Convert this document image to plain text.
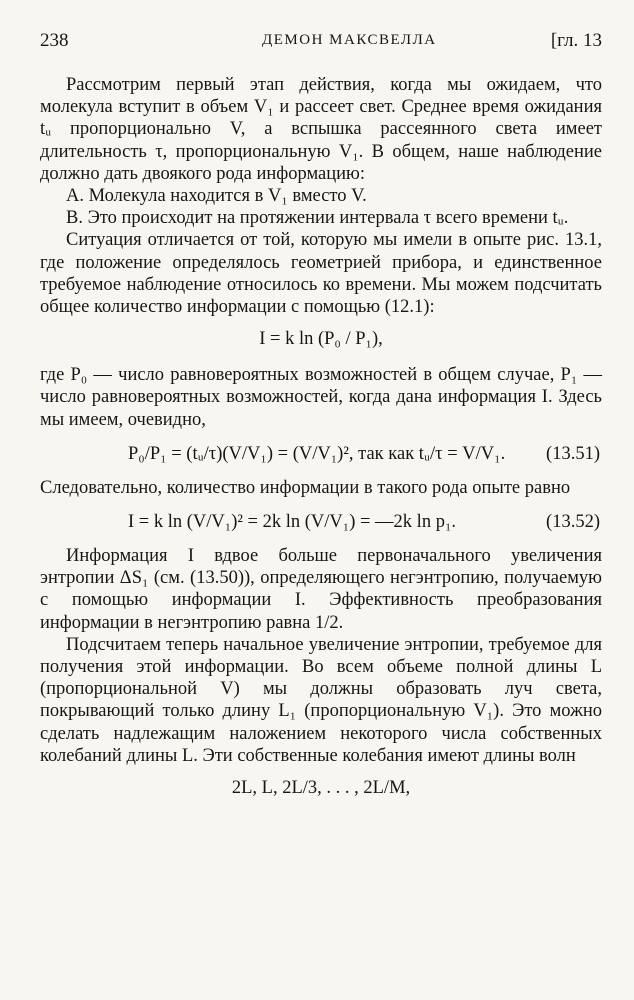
238	ДЕМОН МАКСВЕЛЛА	[гл. 13

Рассмотрим первый этап действия, когда мы ожидаем, что молекула вступит в объем V₁ и рассеет свет. Среднее время ожидания tᵤ пропорционально V, а вспышка рассеянного света имеет длительность τ, пропорциональную V₁. В общем, наше наблюдение должно дать двоякого рода информацию:

A. Молекула находится в V₁ вместо V.

B. Это происходит на протяжении интервала τ всего времени tᵤ.

Ситуация отличается от той, которую мы имели в опыте рис. 13.1, где положение определялось геометрией прибора, и единственное требуемое наблюдение относилось ко времени. Мы можем подсчитать общее количество информации с помощью (12.1):

I = k ln (P₀ / P₁),

где P₀ — число равновероятных возможностей в общем случае, P₁ — число равновероятных возможностей, когда дана информация I. Здесь мы имеем, очевидно,

P₀/P₁ = (tᵤ/τ)(V/V₁) = (V/V₁)², так как tᵤ/τ = V/V₁. (13.51)

Следовательно, количество информации в такого рода опыте равно

I = k ln (V/V₁)² = 2k ln (V/V₁) = —2k ln p₁.	(13.52)

Информация I вдвое больше первоначального увеличения энтропии ΔS₁ (см. (13.50)), определяющего негэнтропию, получаемую с помощью информации I. Эффективность преобразования информации в негэнтропию равна 1/2.

Подсчитаем теперь начальное увеличение энтропии, требуемое для получения этой информации. Во всем объеме полной длины L (пропорциональной V) мы должны образовать луч света, покрывающий только длину L₁ (пропорциональную V₁). Это можно сделать надлежащим наложением некоторого числа собственных колебаний длины L. Эти собственные колебания имеют длины волн

2L, L, 2L/3, . . . , 2L/M,
